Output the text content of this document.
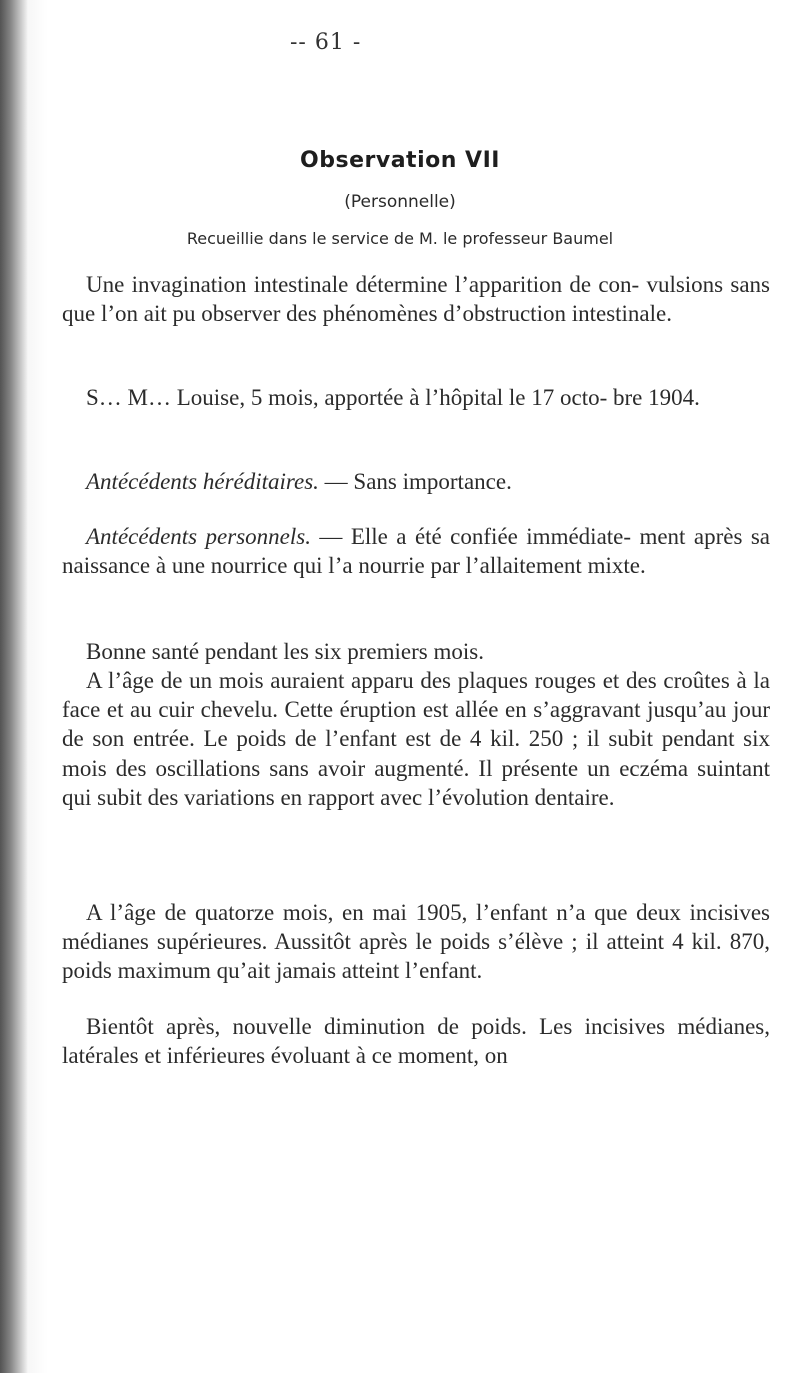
-- 61 -
Observation VII
(Personnelle)
Recueillie dans le service de M. le professeur Baumel

Une invagination intestinale détermine l’apparition de con- vulsions sans que l’on ait pu observer des phénomènes d’obstruction intestinale.

S… M… Louise, 5 mois, apportée à l’hôpital le 17 octo- bre 1904.

Antécédents héréditaires. — Sans importance.

Antécédents personnels. — Elle a été confiée immédiate- ment après sa naissance à une nourrice qui l’a nourrie par l’allaitement mixte.

Bonne santé pendant les six premiers mois.

A l’âge de un mois auraient apparu des plaques rouges et des croûtes à la face et au cuir chevelu. Cette éruption est allée en s’aggravant jusqu’au jour de son entrée. Le poids de l’enfant est de 4 kil. 250 ; il subit pendant six mois des oscillations sans avoir augmenté. Il présente un eczéma suintant qui subit des variations en rapport avec l’évolution dentaire.

A l’âge de quatorze mois, en mai 1905, l’enfant n’a que deux incisives médianes supérieures. Aussitôt après le poids s’élève ; il atteint 4 kil. 870, poids maximum qu’ait jamais atteint l’enfant.

Bientôt après, nouvelle diminution de poids. Les incisives médianes, latérales et inférieures évoluant à ce moment, on
